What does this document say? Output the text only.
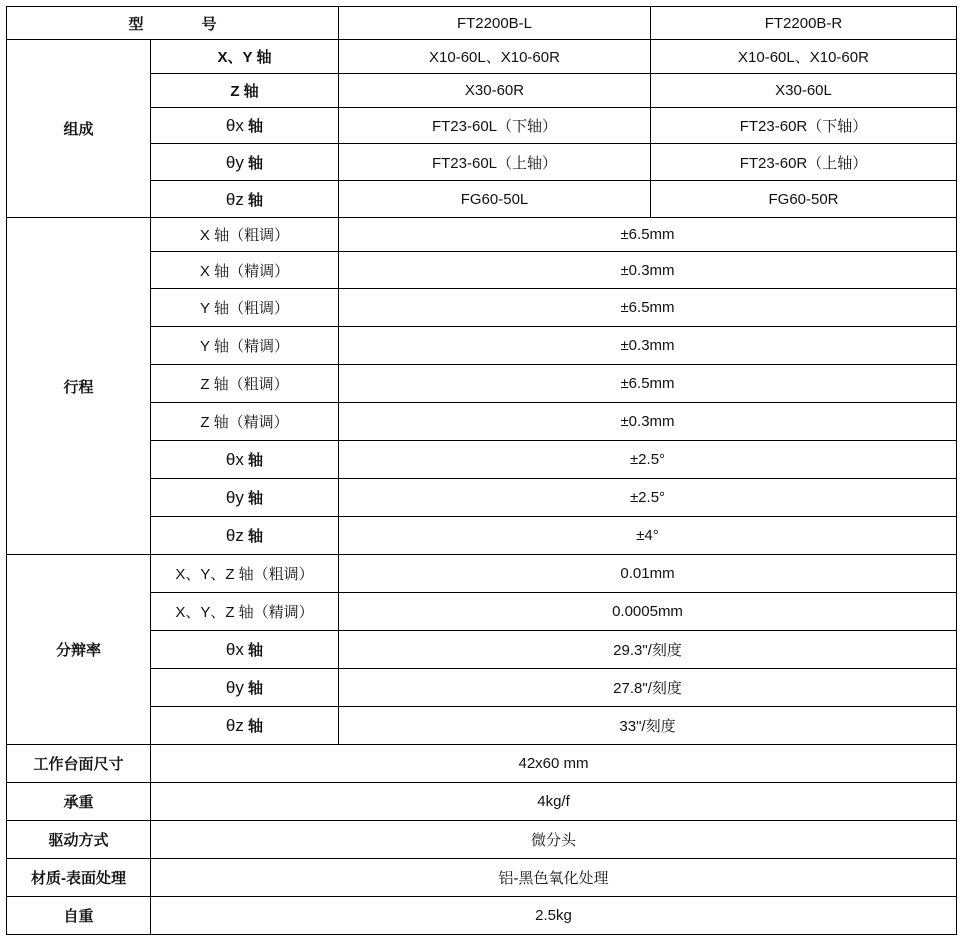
型 号		FT2200B-L	FT2200B-R
组成	X、Y 轴	X10-60L、X10-60R	X10-60L、X10-60R
	Z 轴	X30-60R	X30-60L
	θx 轴	FT23-60L（下轴）	FT23-60R（下轴）
	θy 轴	FT23-60L（上轴）	FT23-60R（上轴）
	θz 轴	FG60-50L	FG60-50R
行程	X 轴（粗调）	±6.5mm	
	X 轴（精调）	±0.3mm	
	Y 轴（粗调）	±6.5mm	
	Y 轴（精调）	±0.3mm	
	Z 轴（粗调）	±6.5mm	
	Z 轴（精调）	±0.3mm	
	θx 轴	±2.5°	
	θy 轴	±2.5°	
	θz 轴	±4°	
分辩率	X、Y、Z 轴（粗调）	0.01mm	
	X、Y、Z 轴（精调）	0.0005mm	
	θx 轴	29.3"/刻度	
	θy 轴	27.8"/刻度	
	θz 轴	33"/刻度	
工作台面尺寸	42x60 mm		
承重	4kg/f		
驱动方式	微分头		
材质-表面处理	铝-黑色氧化处理		
自重	2.5kg		
